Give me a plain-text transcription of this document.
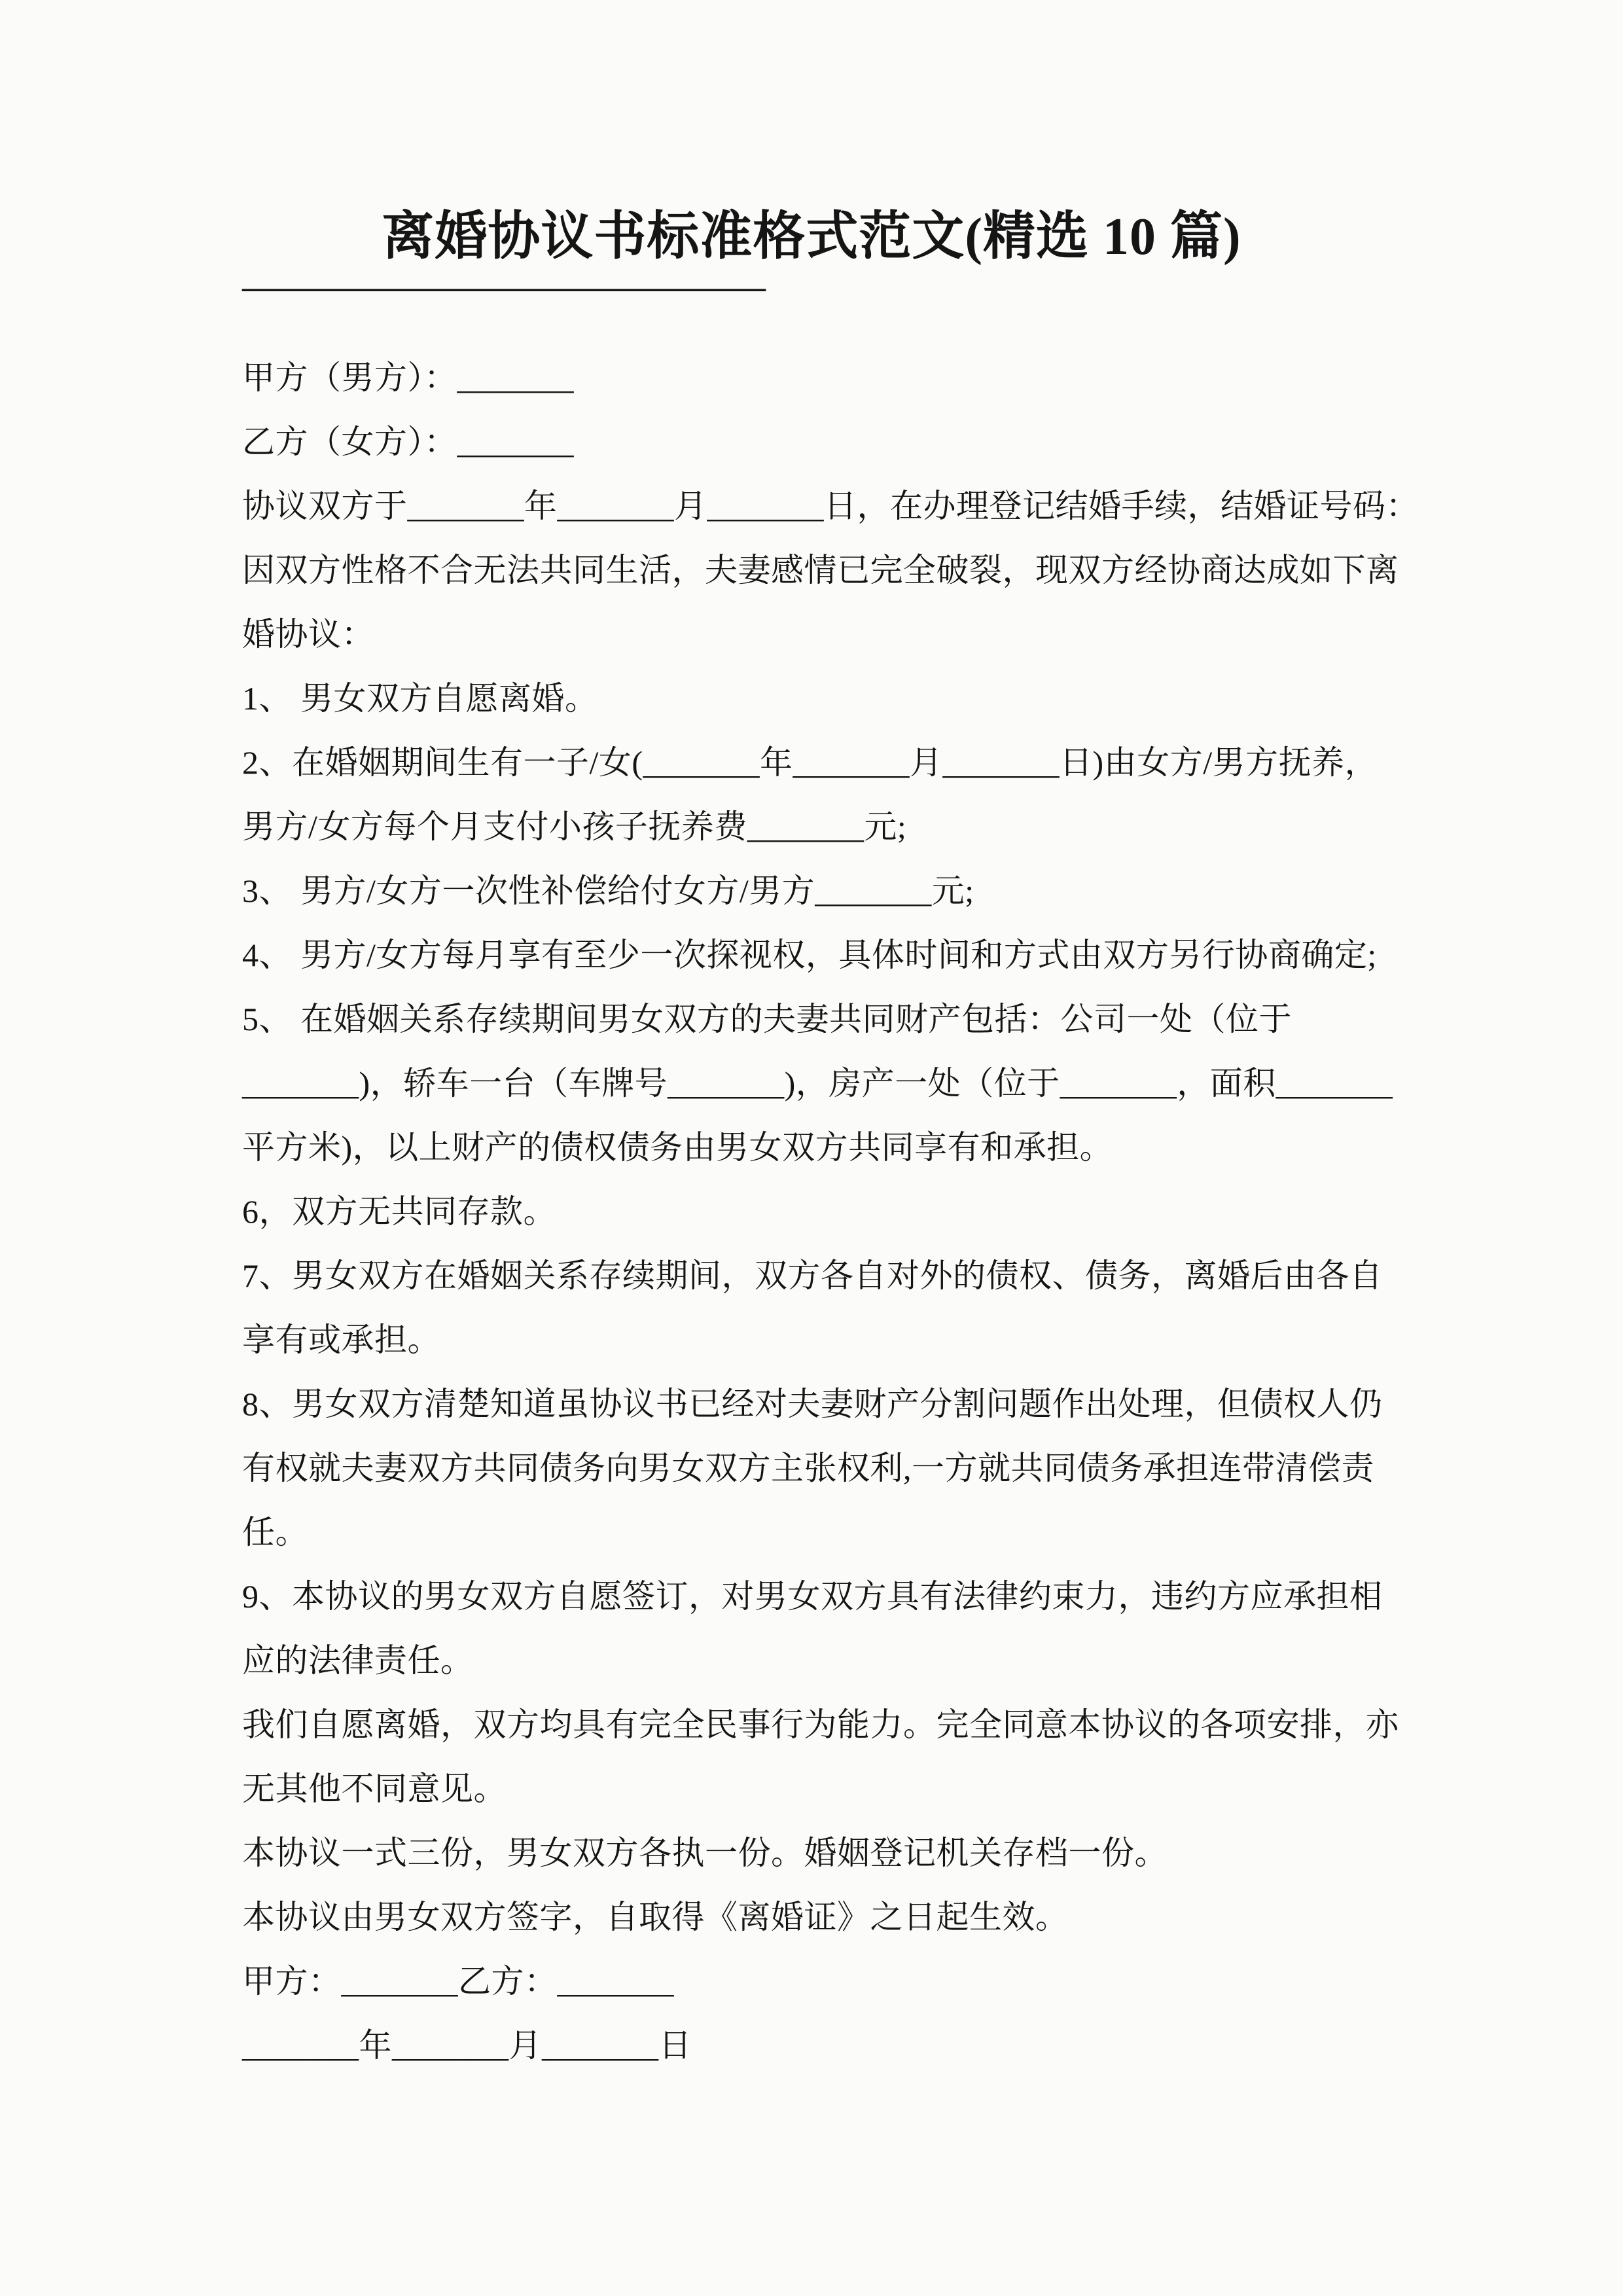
离婚协议书标准格式范文(精选 10 篇)
________________________________
甲方（男方）：_______
乙方（女方）：_______
协议双方于_______年_______月_______日，在办理登记结婚手续，结婚证号码：
因双方性格不合无法共同生活，夫妻感情已完全破裂，现双方经协商达成如下离
婚协议：
1、 男女双方自愿离婚。
2、在婚姻期间生有一子/女(_______年_______月_______日)由女方/男方抚养，
男方/女方每个月支付小孩子抚养费_______元;
3、 男方/女方一次性补偿给付女方/男方_______元;
4、 男方/女方每月享有至少一次探视权，具体时间和方式由双方另行协商确定;
5、 在婚姻关系存续期间男女双方的夫妻共同财产包括：公司一处（位于
_______)，轿车一台（车牌号_______)，房产一处（位于_______，面积_______
平方米)，以上财产的债权债务由男女双方共同享有和承担。
6，双方无共同存款。
7、男女双方在婚姻关系存续期间，双方各自对外的债权、债务，离婚后由各自
享有或承担。
8、男女双方清楚知道虽协议书已经对夫妻财产分割问题作出处理，但债权人仍
有权就夫妻双方共同债务向男女双方主张权利,一方就共同债务承担连带清偿责
任。
9、本协议的男女双方自愿签订，对男女双方具有法律约束力，违约方应承担相
应的法律责任。
我们自愿离婚，双方均具有完全民事行为能力。完全同意本协议的各项安排，亦
无其他不同意见。
本协议一式三份，男女双方各执一份。婚姻登记机关存档一份。
本协议由男女双方签字，自取得《离婚证》之日起生效。
甲方：_______乙方：_______
_______年_______月_______日
